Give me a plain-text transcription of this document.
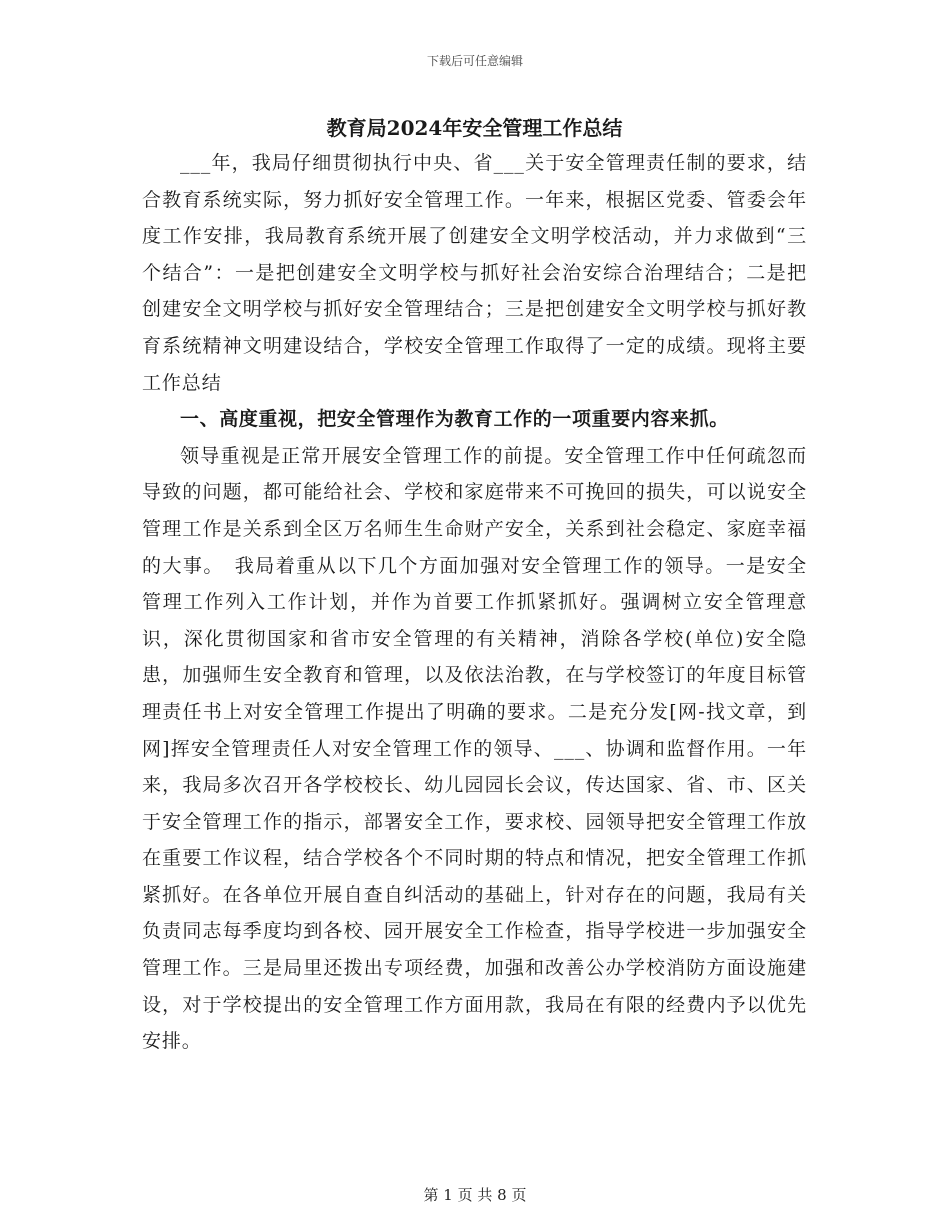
下载后可任意编辑
教育局2024年安全管理工作总结

___年，我局仔细贯彻执行中央、省___关于安全管理责任制的要求，结合教育系统实际，努力抓好安全管理工作。一年来，根据区党委、管委会年度工作安排，我局教育系统开展了创建安全文明学校活动，并力求做到“三个结合”：一是把创建安全文明学校与抓好社会治安综合治理结合；二是把创建安全文明学校与抓好安全管理结合；三是把创建安全文明学校与抓好教育系统精神文明建设结合，学校安全管理工作取得了一定的成绩。现将主要工作总结

一、高度重视，把安全管理作为教育工作的一项重要内容来抓。

领导重视是正常开展安全管理工作的前提。安全管理工作中任何疏忽而导致的问题，都可能给社会、学校和家庭带来不可挽回的损失，可以说安全管理工作是关系到全区万名师生生命财产安全，关系到社会稳定、家庭幸福的大事。　我局着重从以下几个方面加强对安全管理工作的领导。一是安全管理工作列入工作计划，并作为首要工作抓紧抓好。强调树立安全管理意识，深化贯彻国家和省市安全管理的有关精神，消除各学校(单位)安全隐患，加强师生安全教育和管理，以及依法治教，在与学校签订的年度目标管理责任书上对安全管理工作提出了明确的要求。二是充分发[网-找文章，到网]挥安全管理责任人对安全管理工作的领导、___、协调和监督作用。一年来，我局多次召开各学校校长、幼儿园园长会议，传达国家、省、市、区关于安全管理工作的指示，部署安全工作，要求校、园领导把安全管理工作放在重要工作议程，结合学校各个不同时期的特点和情况，把安全管理工作抓紧抓好。在各单位开展自查自纠活动的基础上，针对存在的问题，我局有关负责同志每季度均到各校、园开展安全工作检查，指导学校进一步加强安全管理工作。三是局里还拨出专项经费，加强和改善公办学校消防方面设施建设，对于学校提出的安全管理工作方面用款，我局在有限的经费内予以优先安排。

第 1 页 共 8 页
